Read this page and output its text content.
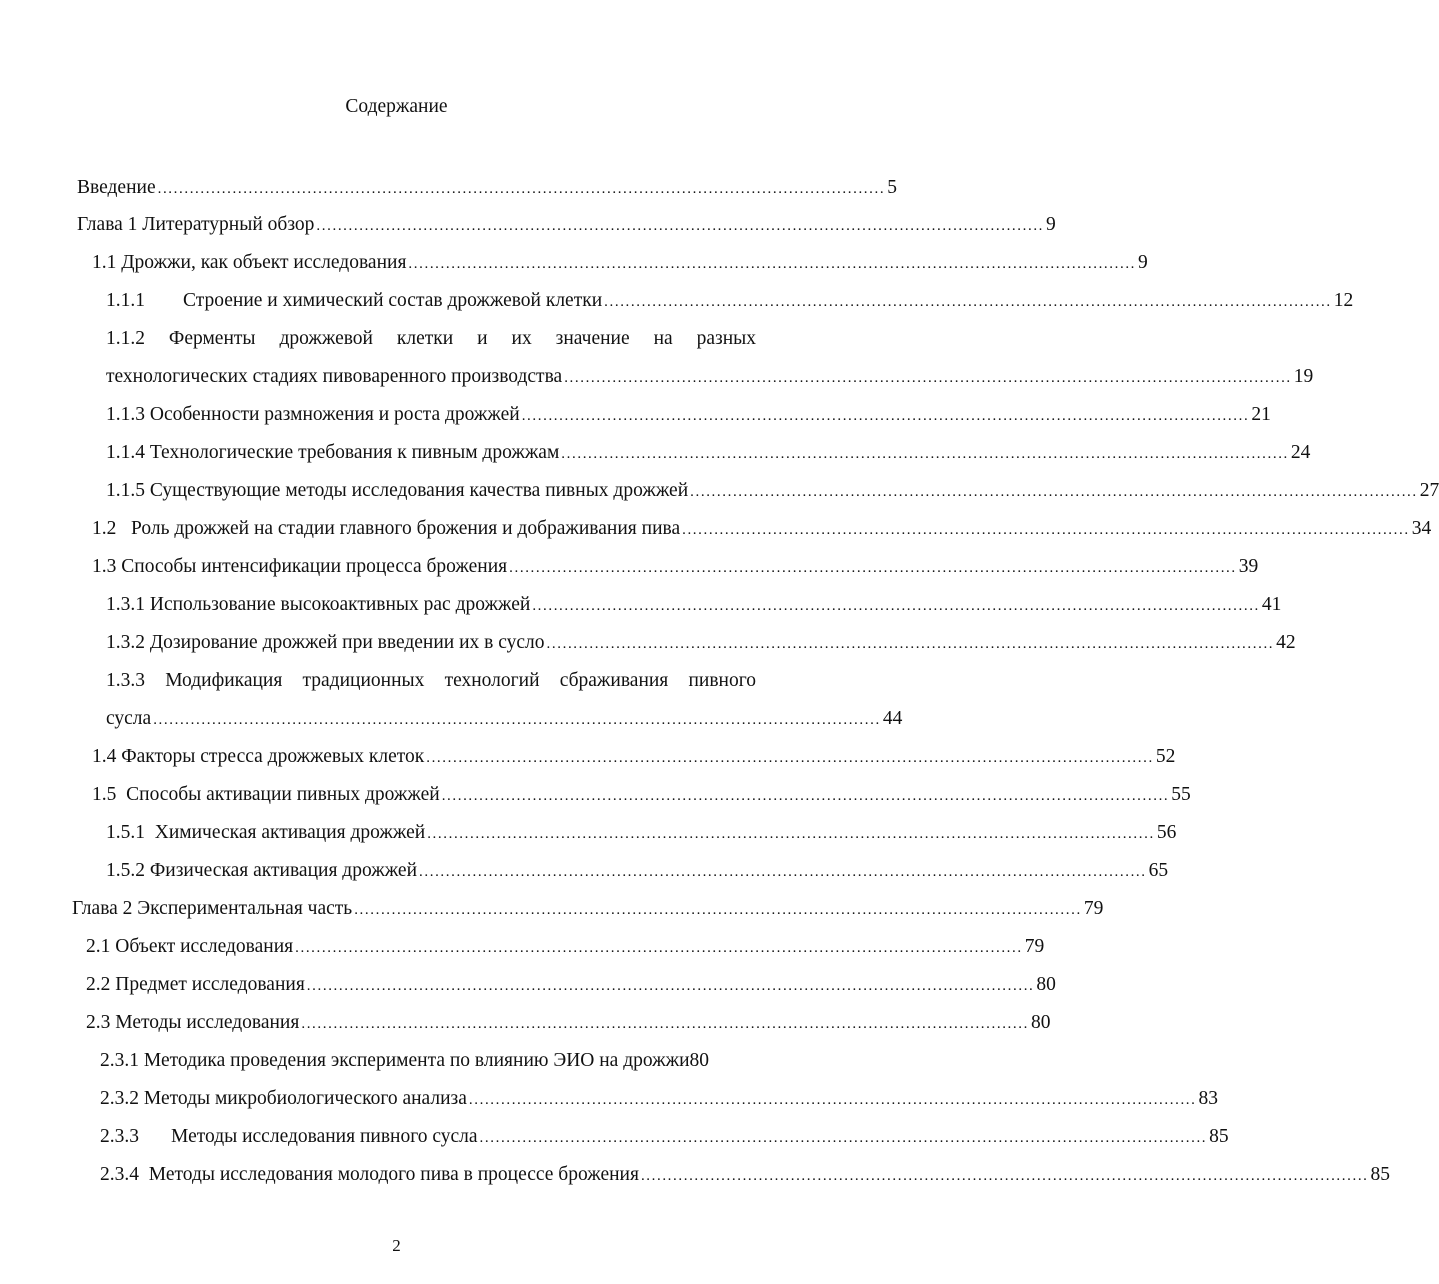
Содержание
Введение ........................................................................................................................................ 5
Глава 1 Литературный обзор ........................................................................................................................................ 9
1.1 Дрожжи, как объект исследования ........................................................................................................................................ 9
1.1.1 Строение и химический состав дрожжевой клетки ........................................................................................................................................ 12
1.1.2 Ферменты дрожжевой клетки и их значение на разных
технологических стадиях пивоваренного производства ........................................................................................................................................ 19
1.1.3 Особенности размножения и роста дрожжей ........................................................................................................................................ 21
1.1.4 Технологические требования к пивным дрожжам ........................................................................................................................................ 24
1.1.5 Существующие методы исследования качества пивных дрожжей ........................................................................................................................................ 27
1.2   Роль дрожжей на стадии главного брожения и дображивания пива ........................................................................................................................................ 34
1.3 Способы интенсификации процесса брожения ........................................................................................................................................ 39
1.3.1 Использование высокоактивных рас дрожжей ........................................................................................................................................ 41
1.3.2 Дозирование дрожжей при введении их в сусло ........................................................................................................................................ 42
1.3.3 Модификация традиционных технологий сбраживания пивного
сусла ........................................................................................................................................ 44
1.4 Факторы стресса дрожжевых клеток ........................................................................................................................................ 52
1.5  Способы активации пивных дрожжей ........................................................................................................................................ 55
1.5.1  Химическая активация дрожжей ........................................................................................................................................ 56
1.5.2 Физическая активация дрожжей ........................................................................................................................................ 65
Глава 2 Экспериментальная часть ........................................................................................................................................ 79
2.1 Объект исследования ........................................................................................................................................ 79
2.2 Предмет исследования ........................................................................................................................................ 80
2.3 Методы исследования ........................................................................................................................................ 80
2.3.1 Методика проведения эксперимента по влиянию ЭИО на дрожжи 80
2.3.2 Методы микробиологического анализа ........................................................................................................................................ 83
2.3.3 Методы исследования пивного сусла ........................................................................................................................................ 85
2.3.4  Методы исследования молодого пива в процессе брожения ........................................................................................................................................ 85
2
